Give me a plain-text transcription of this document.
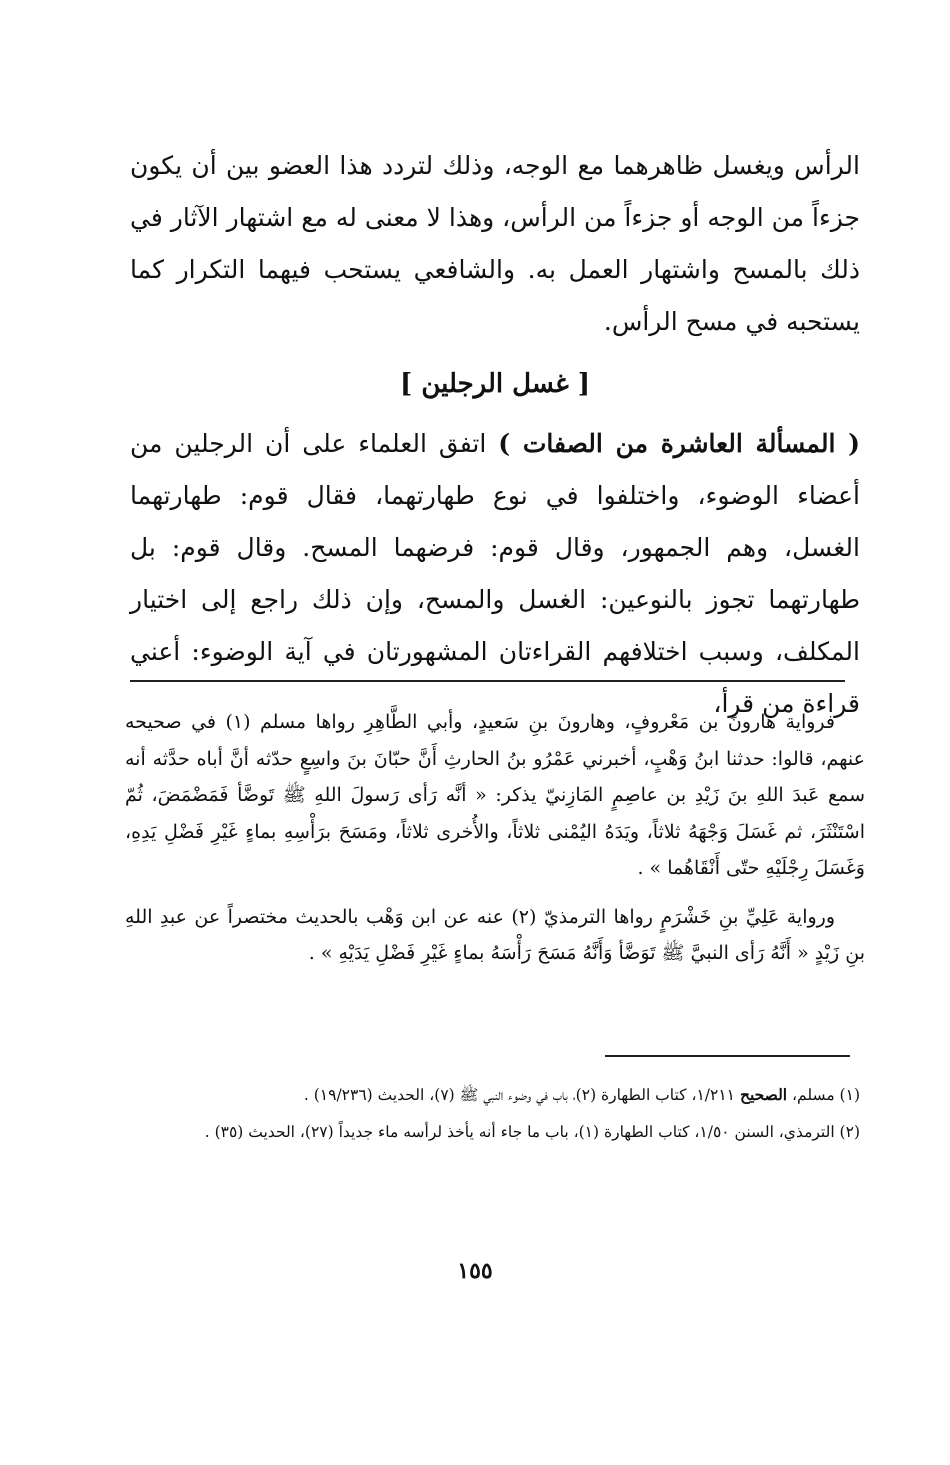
الرأس ويغسل ظاهرهما مع الوجه، وذلك لتردد هذا العضو بين أن يكون جزءاً من الوجه أو جزءاً من الرأس، وهذا لا معنى له مع اشتهار الآثار في ذلك بالمسح واشتهار العمل به. والشافعي يستحب فيهما التكرار كما يستحبه في مسح الرأس.

[ غسل الرجلين ]

( المسألة العاشرة من الصفات ) اتفق العلماء على أن الرجلين من أعضاء الوضوء، واختلفوا في نوع طهارتهما، فقال قوم: طهارتهما الغسل، وهم الجمهور، وقال قوم: فرضهما المسح. وقال قوم: بل طهارتهما تجوز بالنوعين: الغسل والمسح، وإن ذلك راجع إلى اختيار المكلف، وسبب اختلافهم القراءتان المشهورتان في آية الوضوء: أعني قراءة من قرأ،

فرواية هارونَ بن مَعْروفٍ، وهارونَ بنِ سَعيدٍ، وأبي الطَّاهِرِ رواها مسلم (١) في صحيحه عنهم، قالوا: حدثنا ابنُ وَهْبٍ، أخبرني عَمْرُو بنُ الحارثِ أَنَّ حبّانَ بنَ واسِعٍ حدّثه أنَّ أباه حدَّثه أنه سمع عَبدَ اللهِ بنَ زَيْدِ بن عاصِمٍ المَازِنيّ يذكر: « أنَّه رَأى رَسولَ اللهِ ﷺ تَوضَّأ فَمَضْمَضَ، ثُمّ اسْتَنْثَرَ، ثم غَسَلَ وَجْهَهُ ثلاثاً، ويَدَهُ اليُمْنى ثلاثاً، والأُخرى ثلاثاً، ومَسَحَ برَأْسِهِ بماءٍ غَيْرِ فَضْلِ يَدِهِ، وَغَسَلَ رِجْلَيْهِ حتّى أَنْقَاهُما » .

ورواية عَلِيِّ بنِ خَشْرَمٍ رواها الترمذيّ (٢) عنه عن ابن وَهْب بالحديث مختصراً عن عبدِ اللهِ بنِ زَيْدٍ « أَنَّهُ رَأى النبيَّ ﷺ تَوَضَّأ وَأَنَّهُ مَسَحَ رَأْسَهُ بماءٍ غَيْرِ فَضْلِ يَدَيْهِ » .

(١) مسلم، الصحيح ١/٢١١، كتاب الطهارة (٢)، باب في وضوء النبي ﷺ (٧)، الحديث (١٩/٢٣٦) .

(٢) الترمذي، السنن ١/٥٠، كتاب الطهارة (١)، باب ما جاء أنه يأخذ لرأسه ماء جديداً (٢٧)، الحديث (٣٥) .

١٥٥
